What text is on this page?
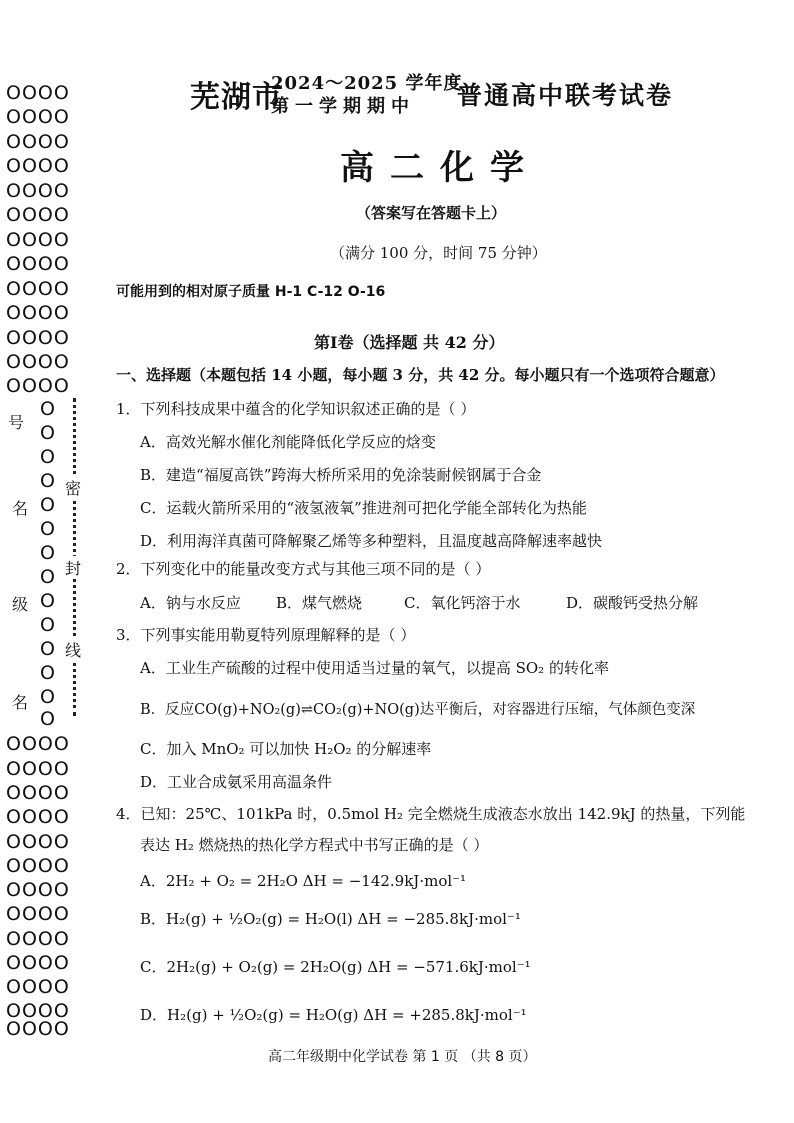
OOOO
OOOO
OOOO
OOOO
OOOO
OOOO
OOOO
OOOO
OOOO
OOOO
OOOO
OOOO
OOOO
O
O
O
O
O
O
O
O
O
O
O
O
O
O
号
名
级
名
密
封
线
OOOO
OOOO
OOOO
OOOO
OOOO
OOOO
OOOO
OOOO
OOOO
OOOO
OOOO
OOOO
OOOO
芜湖市
2024～2025 学年度
第一学期期中 普通高中联考试卷
高二化学
（答案写在答题卡上）
（满分 100 分，时间 75 分钟）
可能用到的相对原子质量 H-1 C-12 O-16
第Ⅰ卷（选择题 共 42 分）
一、选择题（本题包括 14 小题，每小题 3 分，共 42 分。每小题只有一个选项符合题意）
1．下列科技成果中蕴含的化学知识叙述正确的是（ ）
A．高效光解水催化剂能降低化学反应的焓变
B．建造“福厦高铁”跨海大桥所采用的免涂装耐候钢属于合金
C．运载火箭所采用的“液氢液氧”推进剂可把化学能全部转化为热能
D．利用海洋真菌可降解聚乙烯等多种塑料，且温度越高降解速率越快
2．下列变化中的能量改变方式与其他三项不同的是（ ）
A．钠与水反应 B．煤气燃烧	C．氧化钙溶于水	D．碳酸钙受热分解
3．下列事实能用勒夏特列原理解释的是（ ）
A．工业生产硫酸的过程中使用适当过量的氧气，以提高 SO₂ 的转化率
B．反应CO(g)+NO₂(g)⇌CO₂(g)+NO(g)达平衡后，对容器进行压缩，气体颜色变深
C．加入 MnO₂ 可以加快 H₂O₂ 的分解速率
D．工业合成氨采用高温条件
4．已知：25℃、101kPa 时，0.5mol H₂ 完全燃烧生成液态水放出 142.9kJ 的热量，下列能
表达 H₂ 燃烧热的热化学方程式中书写正确的是（ ）
A．2H₂ + O₂ = 2H₂O ΔH = −142.9kJ·mol⁻¹
B．H₂(g) + ½O₂(g) = H₂O(l) ΔH = −285.8kJ·mol⁻¹
C．2H₂(g) + O₂(g) = 2H₂O(g) ΔH = −571.6kJ·mol⁻¹
D．H₂(g) + ½O₂(g) = H₂O(g) ΔH = +285.8kJ·mol⁻¹
高二年级期中化学试卷 第 1 页 （共 8 页）
